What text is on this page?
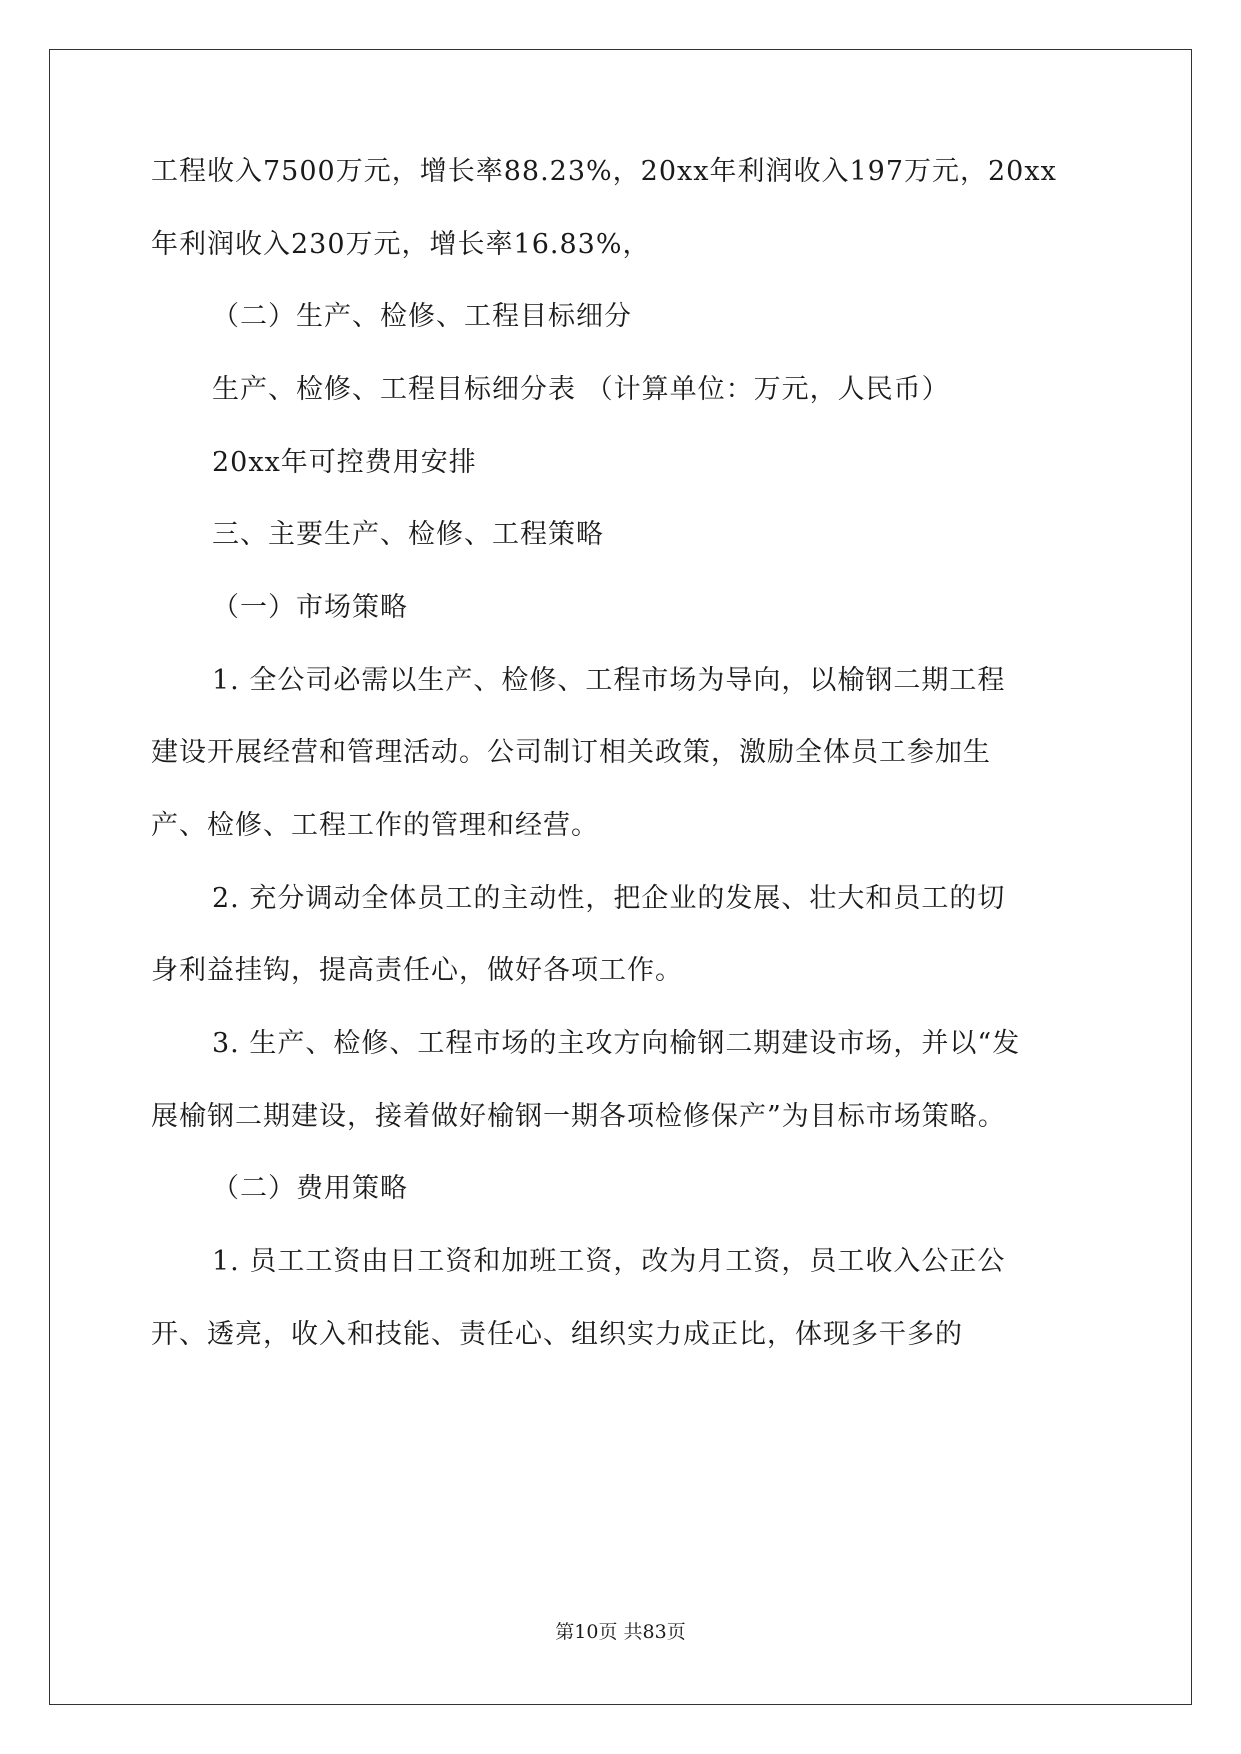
工程收入7500万元，增长率88.23%，20xx年利润收入197万元，20xx
年利润收入230万元，增长率16.83%，
（二）生产、检修、工程目标细分
生产、检修、工程目标细分表 （计算单位：万元，人民币）
20xx年可控费用安排
三、主要生产、检修、工程策略
（一）市场策略
1. 全公司必需以生产、检修、工程市场为导向，以榆钢二期工程
建设开展经营和管理活动。公司制订相关政策，激励全体员工参加生
产、检修、工程工作的管理和经营。
2. 充分调动全体员工的主动性，把企业的发展、壮大和员工的切
身利益挂钩，提高责任心，做好各项工作。
3. 生产、检修、工程市场的主攻方向榆钢二期建设市场，并以“发
展榆钢二期建设，接着做好榆钢一期各项检修保产”为目标市场策略。
（二）费用策略
1. 员工工资由日工资和加班工资，改为月工资，员工收入公正公
开、透亮，收入和技能、责任心、组织实力成正比，体现多干多的
第10页 共83页
